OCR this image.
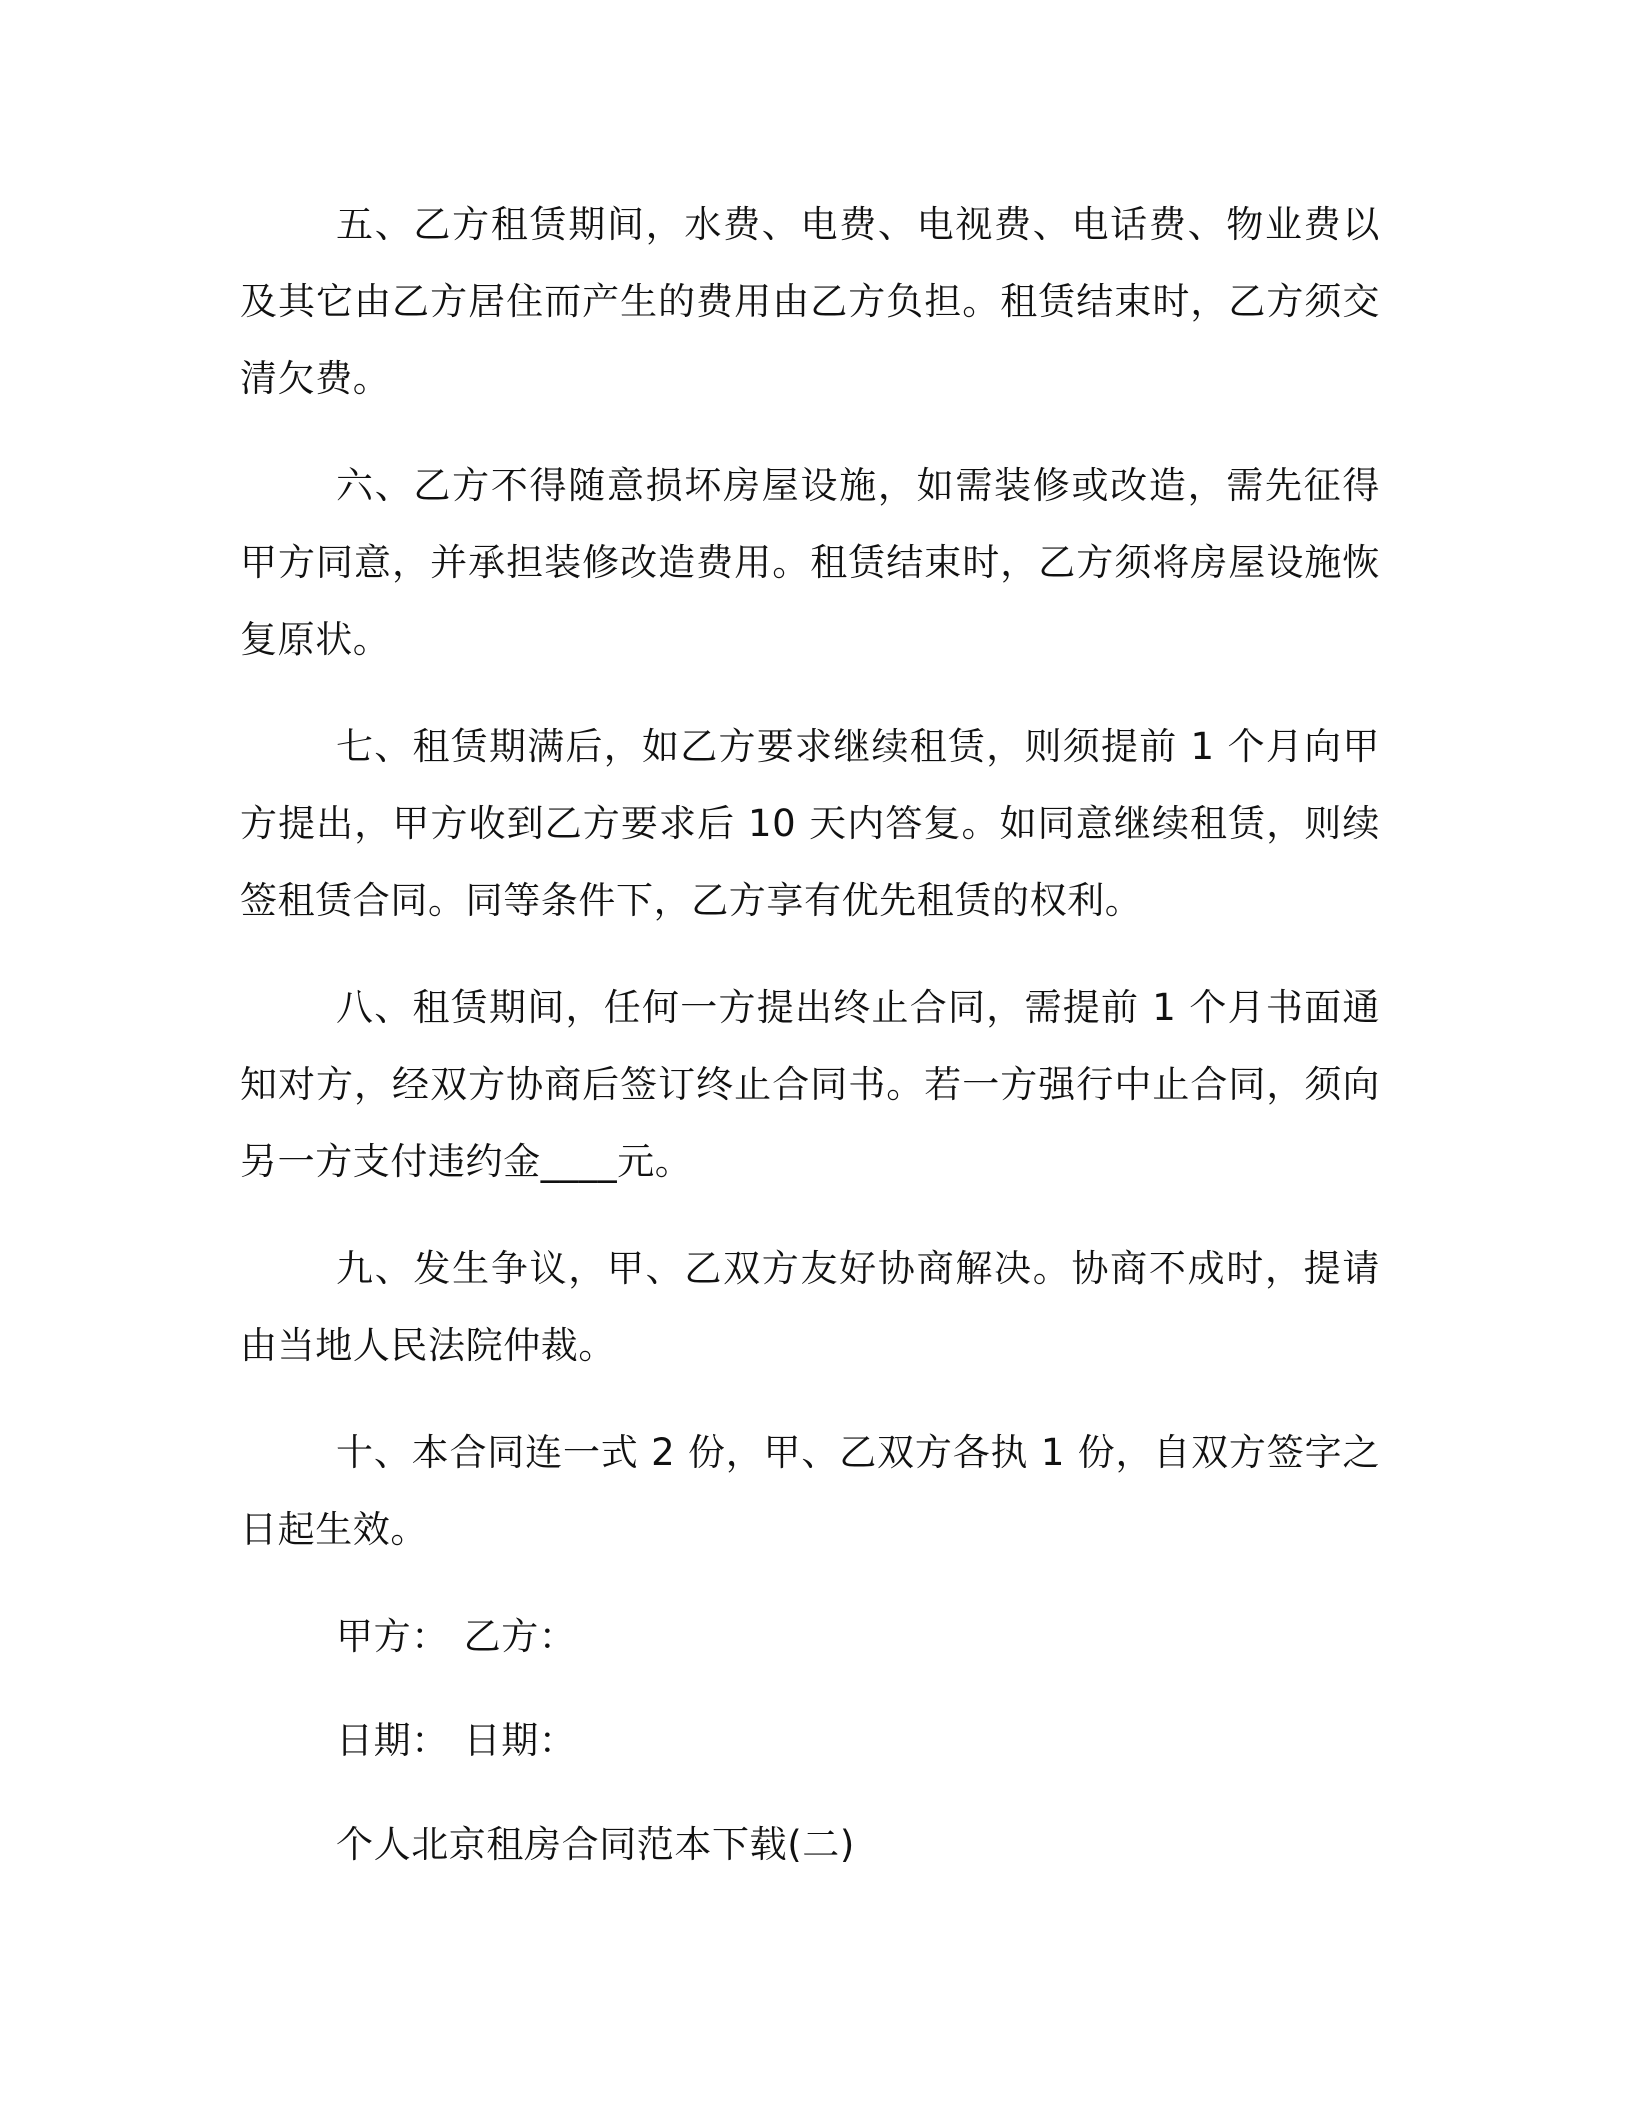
五、乙方租赁期间，水费、电费、电视费、电话费、物业费以及其它由乙方居住而产生的费用由乙方负担。租赁结束时，乙方须交清欠费。

六、乙方不得随意损坏房屋设施，如需装修或改造，需先征得甲方同意，并承担装修改造费用。租赁结束时，乙方须将房屋设施恢复原状。

七、租赁期满后，如乙方要求继续租赁，则须提前 1 个月向甲方提出，甲方收到乙方要求后 10 天内答复。如同意继续租赁，则续签租赁合同。同等条件下，乙方享有优先租赁的权利。

八、租赁期间，任何一方提出终止合同，需提前 1 个月书面通知对方，经双方协商后签订终止合同书。若一方强行中止合同，须向另一方支付违约金____元。

九、发生争议，甲、乙双方友好协商解决。协商不成时，提请由当地人民法院仲裁。

十、本合同连一式 2 份，甲、乙双方各执 1 份，自双方签字之日起生效。

甲方： 乙方：

日期： 日期：

个人北京租房合同范本下载(二)
